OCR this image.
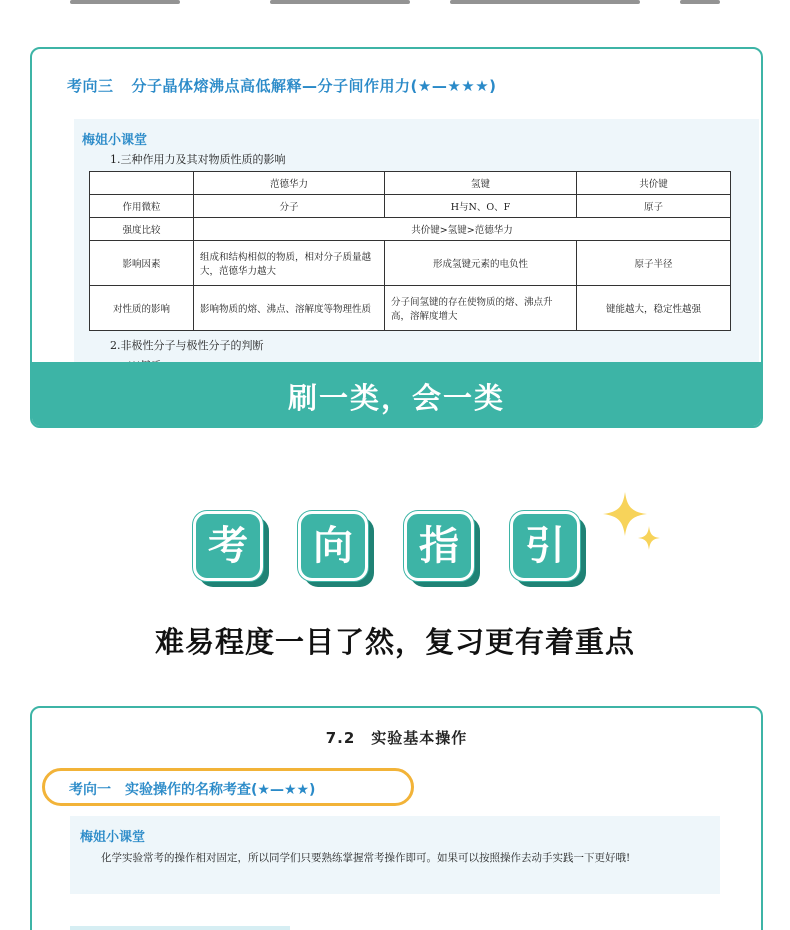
考向三 分子晶体熔沸点高低解释—分子间作用力(★—★★★)
梅姐小课堂
1.三种作用力及其对物质性质的影响
	范德华力	氢键	共价键
作用微粒	分子	H与N、O、F	原子
强度比较	共价键>氢键>范德华力		
影响因素	组成和结构相似的物质，相对分子质量越大，范德华力越大	形成氢键元素的电负性	原子半径
对性质的影响	影响物质的熔、沸点、溶解度等物理性质	分子间氢键的存在使物质的熔、沸点升高，溶解度增大	键能越大，稳定性越强
2.非极性分子与极性分子的判断
刷一类，会一类
考	向	指	引
难易程度一目了然，复习更有着重点
7.2　实验基本操作
考向一 实验操作的名称考查(★—★★)
梅姐小课堂
化学实验常考的操作相对固定，所以同学们只要熟练掌握常考操作即可。如果可以按照操作去动手实践一下更好哦!
